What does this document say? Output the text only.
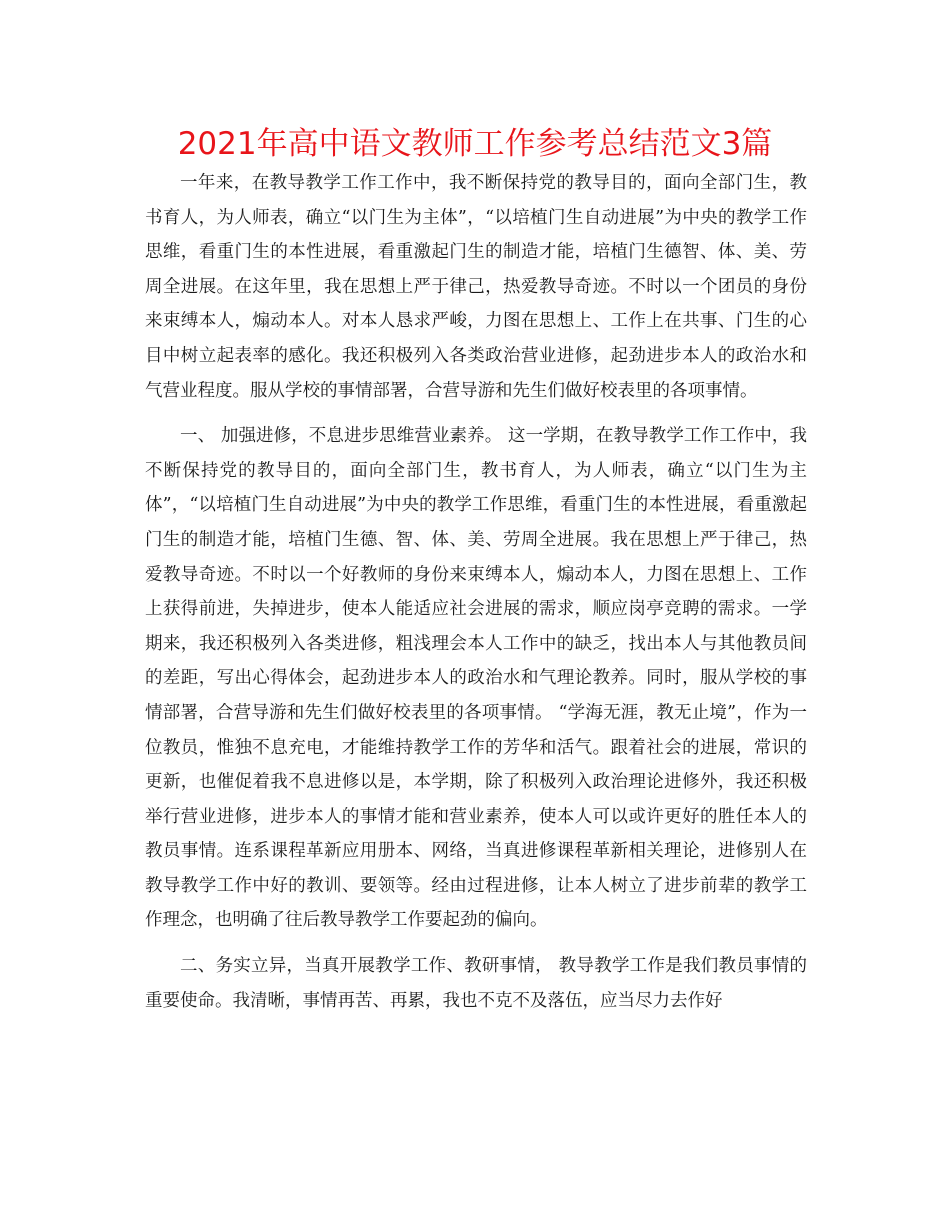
2021年高中语文教师工作参考总结范文3篇

一年来，在教导教学工作工作中，我不断保持党的教导目的，面向全部门生，教书育人，为人师表，确立“以门生为主体”，“以培植门生自动进展”为中央的教学工作思维，看重门生的本性进展，看重激起门生的制造才能，培植门生德智、体、美、劳周全进展。在这年里，我在思想上严于律己，热爱教导奇迹。不时以一个团员的身份来束缚本人，煽动本人。对本人恳求严峻，力图在思想上、工作上在共事、门生的心目中树立起表率的感化。我还积极列入各类政治营业进修，起劲进步本人的政治水和气营业程度。服从学校的事情部署，合营导游和先生们做好校表里的各项事情。

一、 加强进修，不息进步思维营业素养。 这一学期，在教导教学工作工作中，我不断保持党的教导目的，面向全部门生，教书育人，为人师表，确立“以门生为主体”，“以培植门生自动进展”为中央的教学工作思维，看重门生的本性进展，看重激起门生的制造才能，培植门生德、智、体、美、劳周全进展。我在思想上严于律己，热爱教导奇迹。不时以一个好教师的身份来束缚本人，煽动本人，力图在思想上、工作上获得前进，失掉进步，使本人能适应社会进展的需求，顺应岗亭竞聘的需求。一学期来，我还积极列入各类进修，粗浅理会本人工作中的缺乏，找出本人与其他教员间的差距，写出心得体会，起劲进步本人的政治水和气理论教养。同时，服从学校的事情部署，合营导游和先生们做好校表里的各项事情。 “学海无涯，教无止境”，作为一位教员，惟独不息充电，才能维持教学工作的芳华和活气。跟着社会的进展，常识的更新，也催促着我不息进修以是，本学期，除了积极列入政治理论进修外，我还积极举行营业进修，进步本人的事情才能和营业素养，使本人可以或许更好的胜任本人的教员事情。连系课程革新应用册本、网络，当真进修课程革新相关理论，进修别人在教导教学工作中好的教训、要领等。经由过程进修，让本人树立了进步前辈的教学工作理念，也明确了往后教导教学工作要起劲的偏向。

二、务实立异，当真开展教学工作、教研事情， 教导教学工作是我们教员事情的重要使命。我清晰，事情再苦、再累，我也不克不及落伍，应当尽力去作好
